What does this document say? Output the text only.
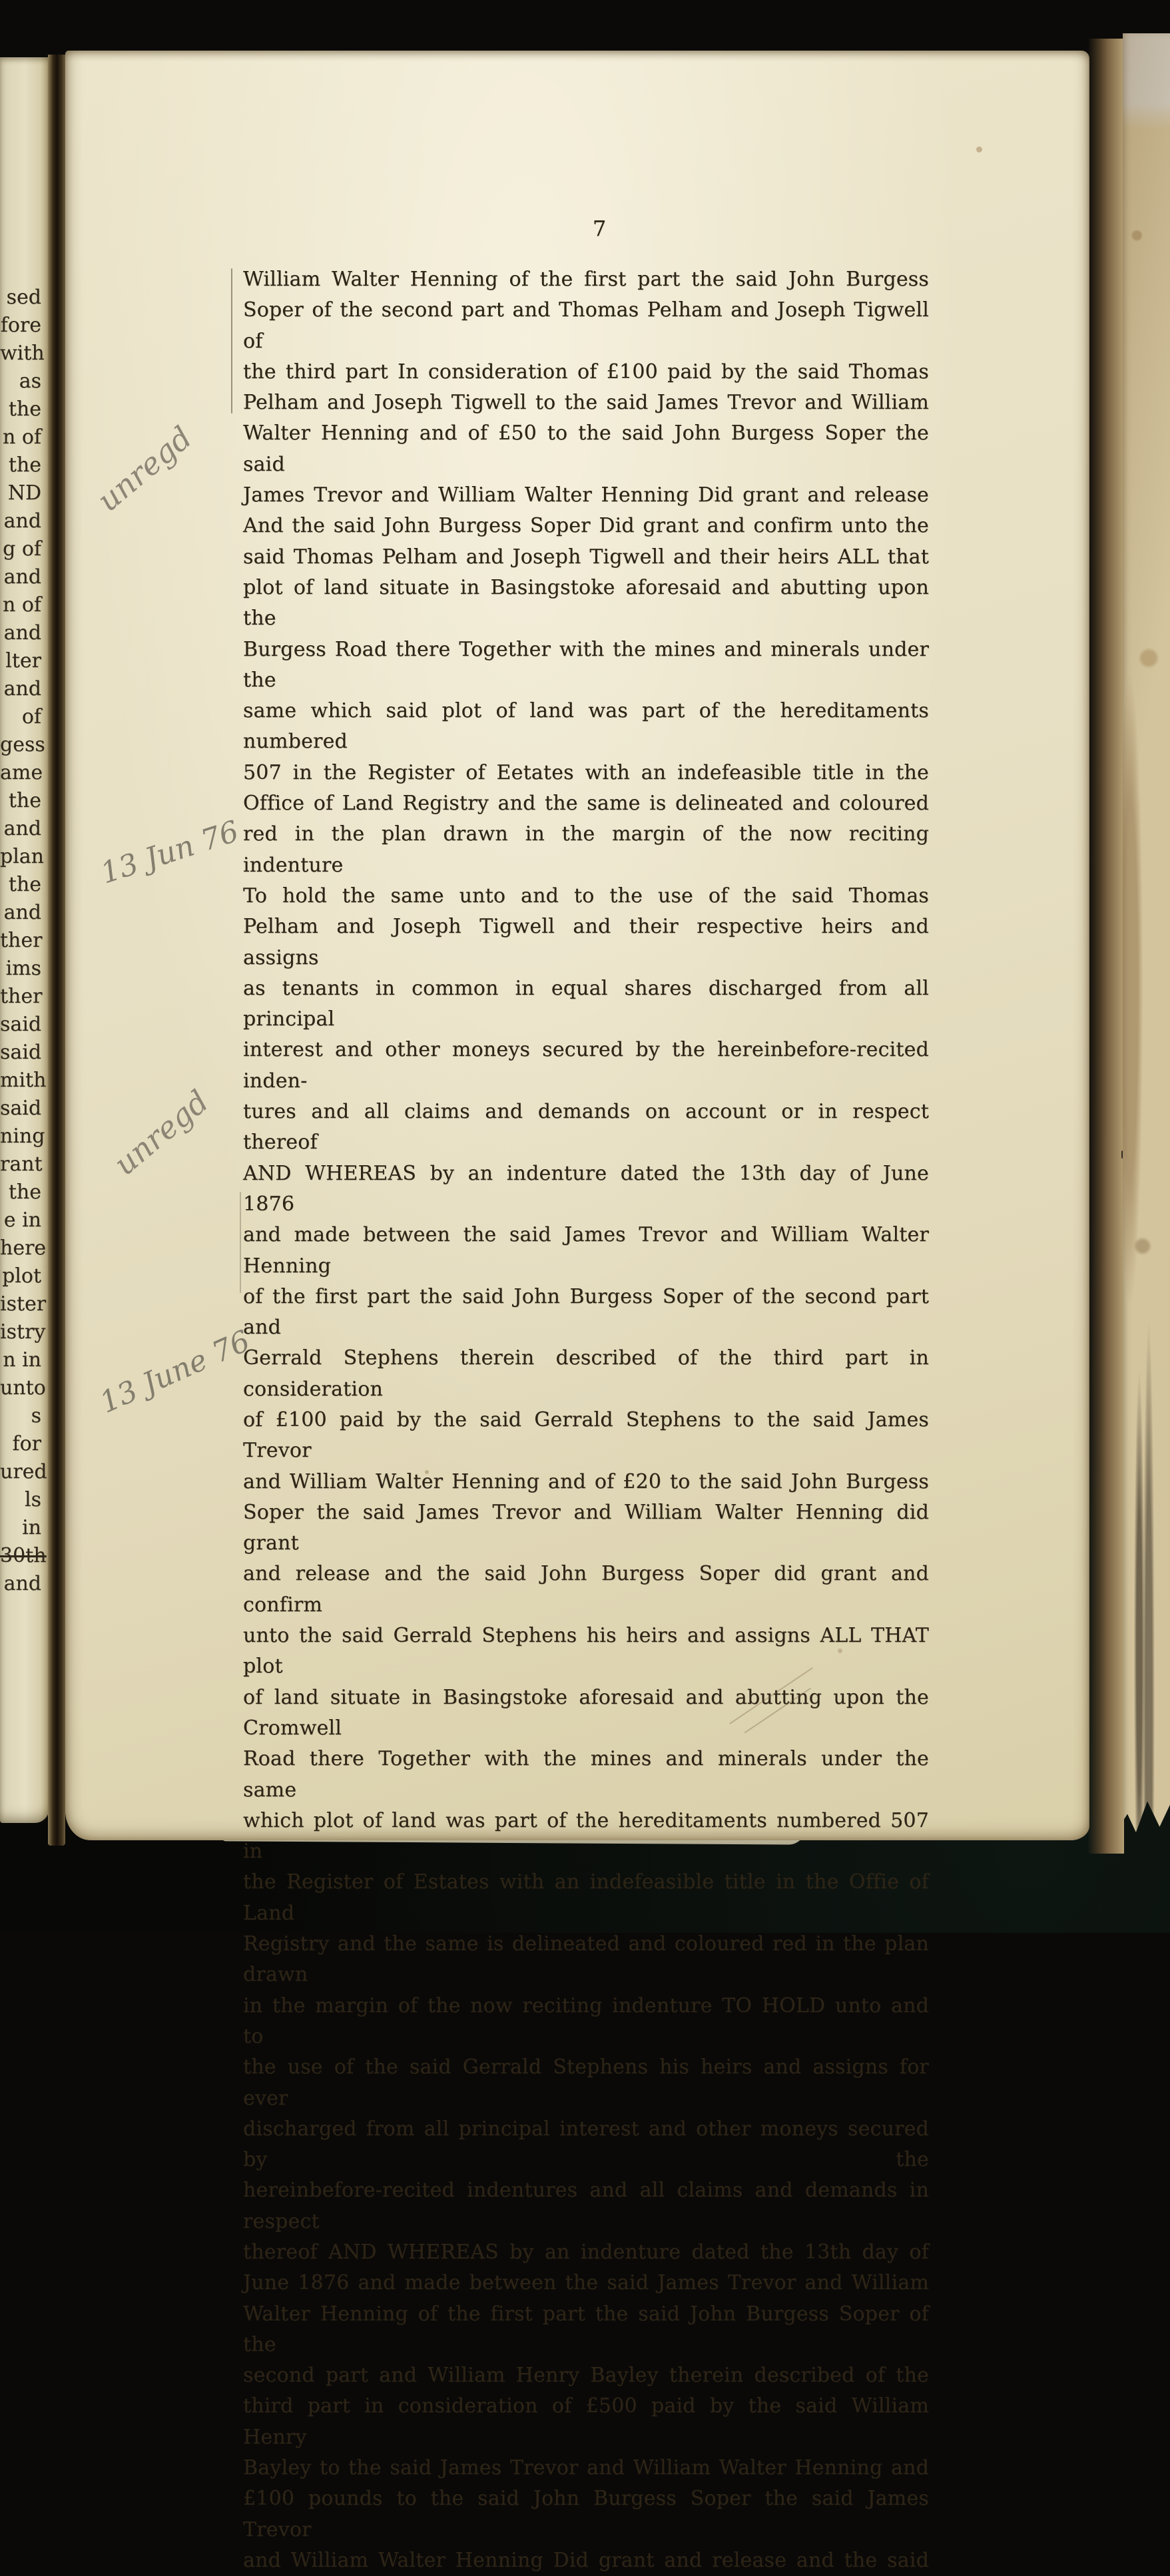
sed
fore
with
as
the
n of
the
ND
and
g of
and
n of
and
lter
and
of
gess
ame
the
and
plan
the
and
ther
ims
ther
said
said
mith
said
ning
rant
the
e in
here
plot
ister
istry
n in
unto
s for
ured
ls in
30th
and
7
unregd
13 Jun 76
unregd
13 June 76
William Walter Henning of the first part the said John Burgess
Soper of the second part and Thomas Pelham and Joseph Tigwell of
the third part In consideration of £100 paid by the said Thomas
Pelham and Joseph Tigwell to the said James Trevor and William
Walter Henning and of £50 to the said John Burgess Soper the said
James Trevor and William Walter Henning Did grant and release
And the said John Burgess Soper Did grant and confirm unto the
said Thomas Pelham and Joseph Tigwell and their heirs ALL that
plot of land situate in Basingstoke aforesaid and abutting upon the
Burgess Road there Together with the mines and minerals under the
same which said plot of land was part of the hereditaments numbered
507 in the Register of Eetates with an indefeasible title in the
Office of Land Registry and the same is delineated and coloured
red in the plan drawn in the margin of the now reciting indenture
To hold the same unto and to the use of the said Thomas
Pelham and Joseph Tigwell and their respective heirs and assigns
as tenants in common in equal shares discharged from all principal
interest and other moneys secured by the hereinbefore-recited inden-
tures and all claims and demands on account or in respect thereof
AND WHEREAS by an indenture dated the 13th day of June 1876
and made between the said James Trevor and William Walter Henning
of the first part the said John Burgess Soper of the second part and
Gerrald Stephens therein described of the third part in consideration
of £100 paid by the said Gerrald Stephens to the said James Trevor
and William Walter Henning and of £20 to the said John Burgess
Soper the said James Trevor and William Walter Henning did grant
and release and the said John Burgess Soper did grant and confirm
unto the said Gerrald Stephens his heirs and assigns ALL THAT plot
of land situate in Basingstoke aforesaid and abutting upon the Cromwell
Road there Together with the mines and minerals under the same
which plot of land was part of the hereditaments numbered 507 in
the Register of Estates with an indefeasible title in the Offie of Land
Registry and the same is delineated and coloured red in the plan drawn
in the margin of the now reciting indenture TO HOLD unto and to
the use of the said Gerrald Stephens his heirs and assigns for ever
discharged from all principal interest and other moneys secured by the
hereinbefore-recited indentures and all claims and demands in respect
thereof AND WHEREAS by an indenture dated the 13th day of
June 1876 and made between the said James Trevor and William
Walter Henning of the first part the said John Burgess Soper of the
second part and William Henry Bayley therein described of the
third part in consideration of £500 paid by the said William Henry
Bayley to the said James Trevor and William Walter Henning and
£100 pounds to the said John Burgess Soper the said James Trevor
and William Walter Henning Did grant and release and the said
